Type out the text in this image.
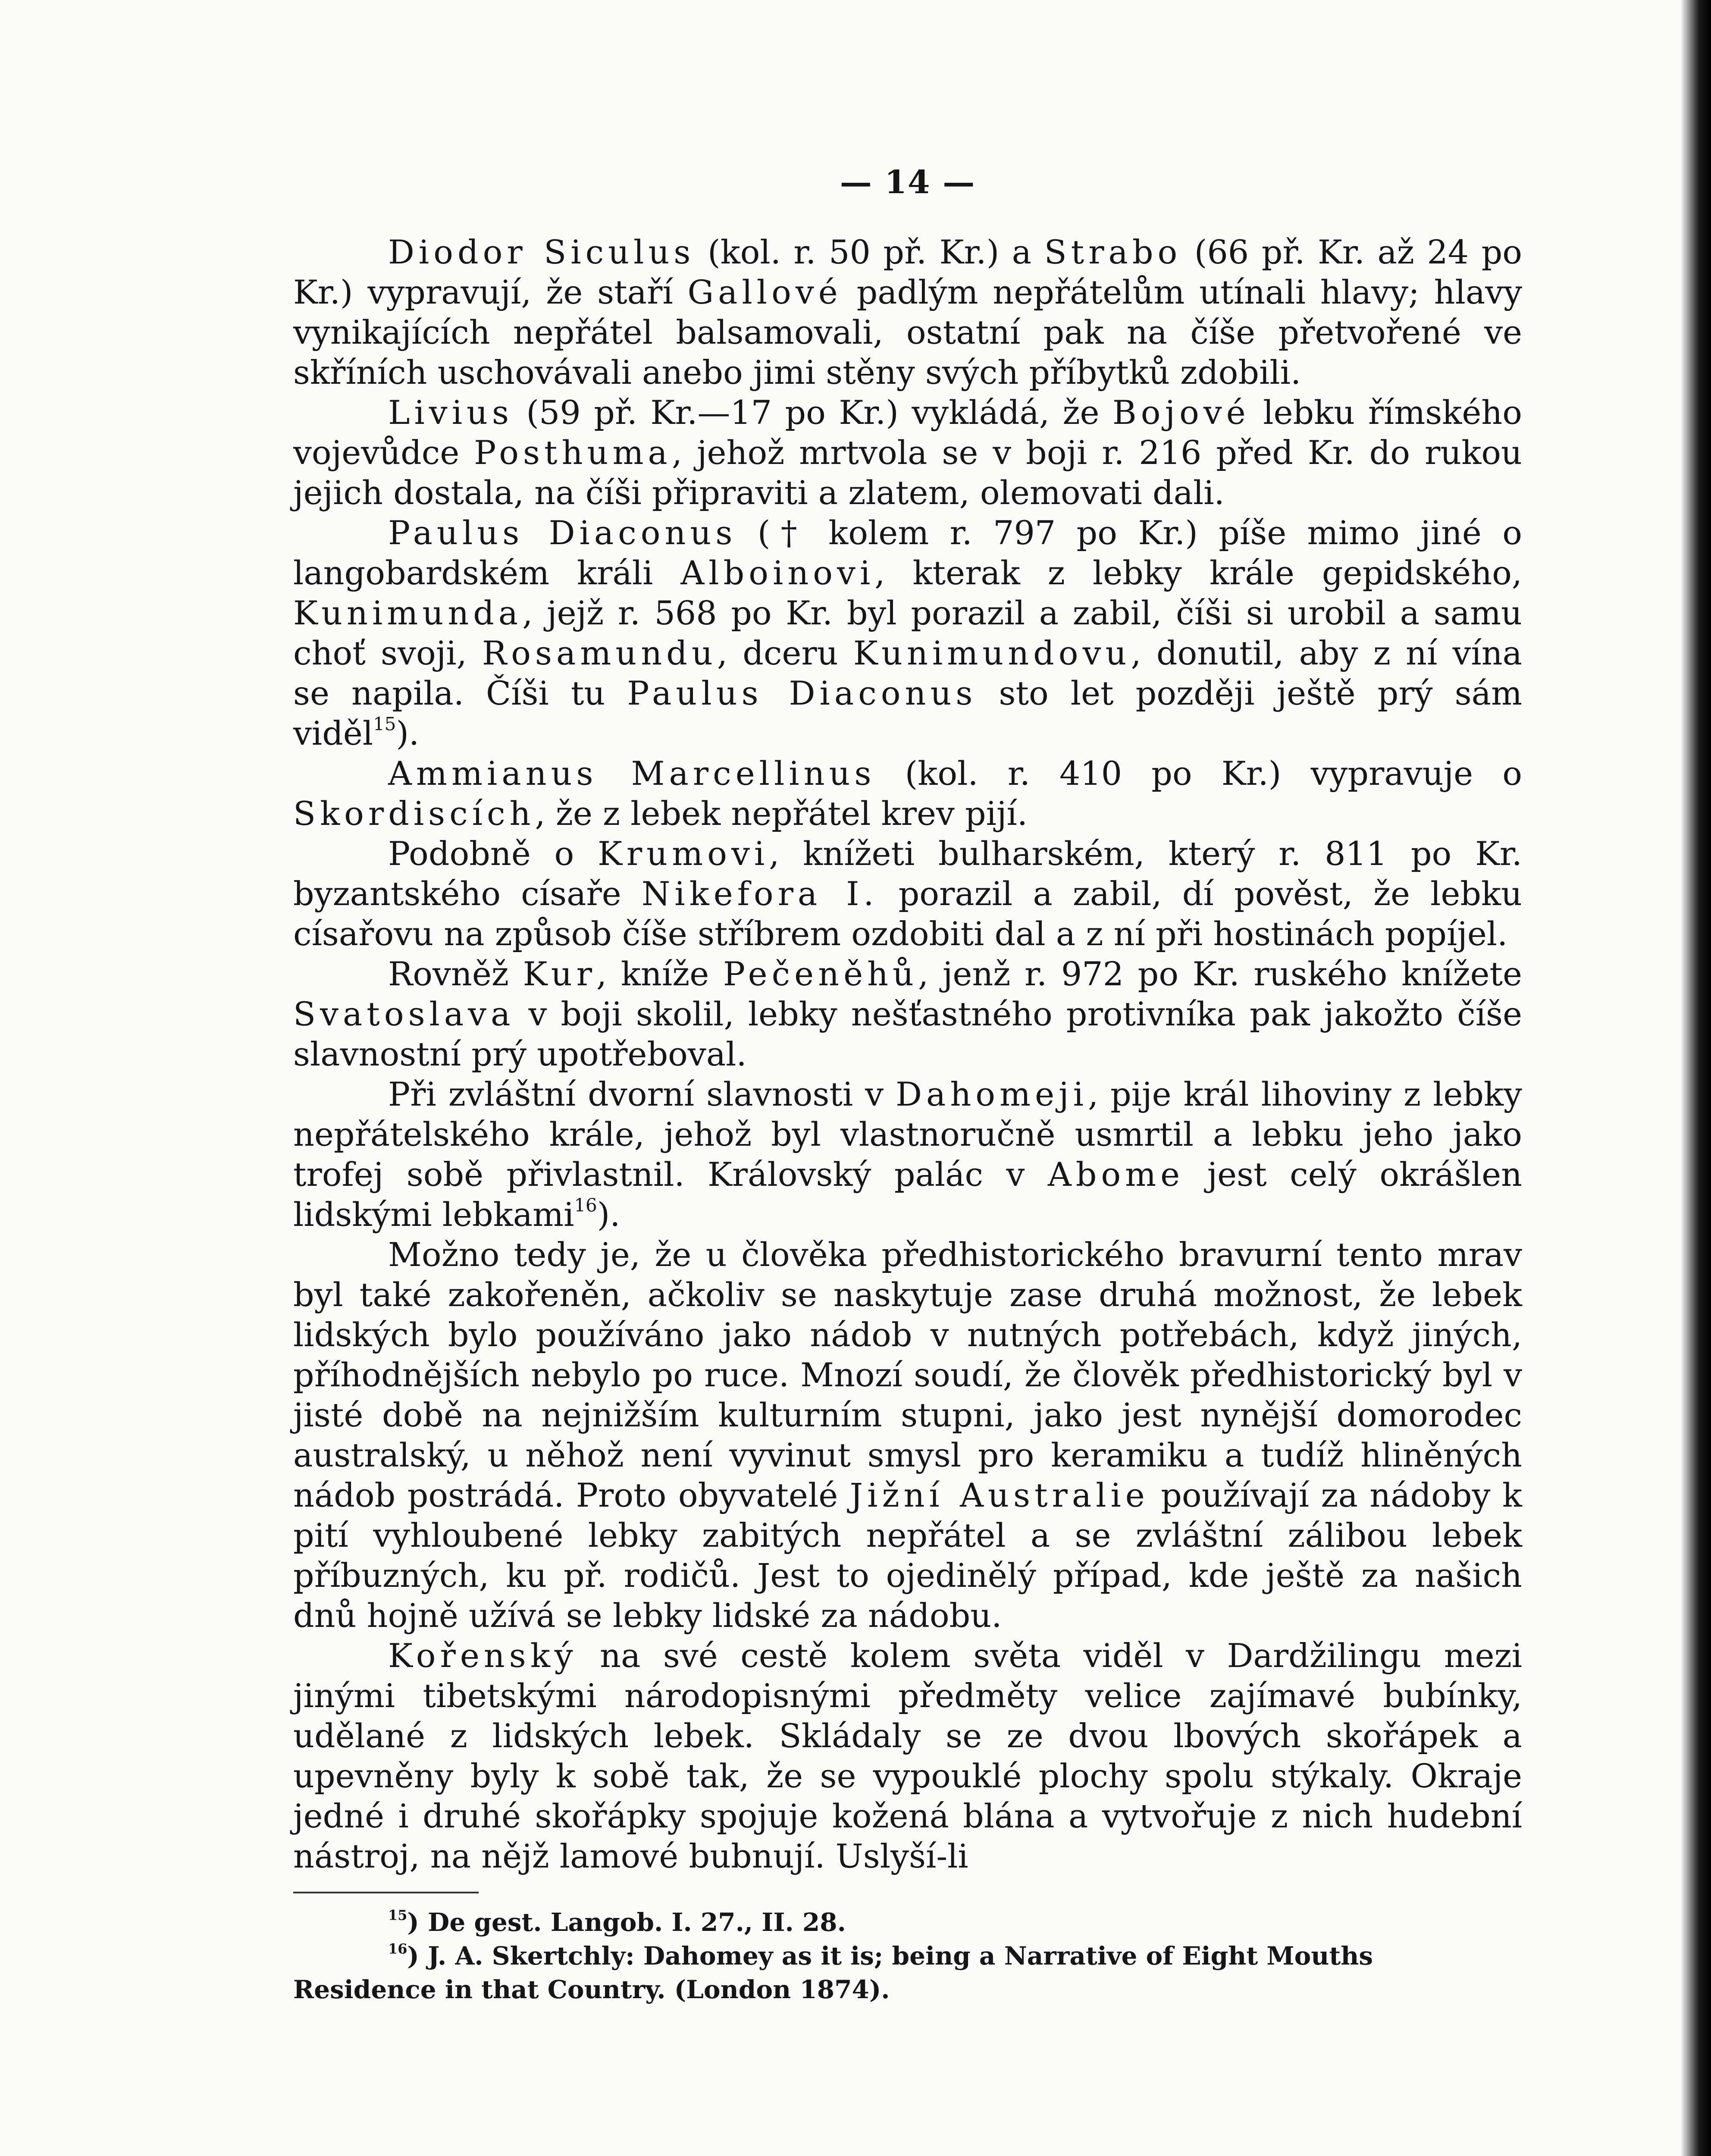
— 14 —

Diodor Siculus (kol. r. 50 př. Kr.) a Strabo (66 př. Kr. až 24 po Kr.) vypravují, že staří Gallové padlým nepřátelům utínali hlavy; hlavy vynikajících nepřátel balsamovali, ostatní pak na číše přetvořené ve skříních uschovávali anebo jimi stěny svých příbytků zdobili.

Livius (59 př. Kr.—17 po Kr.) vykládá, že Bojové lebku římského vojevůdce Posthuma, jehož mrtvola se v boji r. 216 před Kr. do rukou jejich dostala, na číši připraviti a zlatem, olemovati dali.

Paulus Diaconus († kolem r. 797 po Kr.) píše mimo jiné o langobardském králi Alboinovi, kterak z lebky krále gepidského, Kunimunda, jejž r. 568 po Kr. byl porazil a zabil, číši si urobil a samu choť svoji, Rosamundu, dceru Kunimundovu, donutil, aby z ní vína se napila. Číši tu Paulus Diaconus sto let později ještě prý sám viděl$^{15}$).

Ammianus Marcellinus (kol. r. 410 po Kr.) vypravuje o Skordiscích, že z lebek nepřátel krev pijí.

Podobně o Krumovi, knížeti bulharském, který r. 811 po Kr. byzantského císaře Nikefora I. porazil a zabil, dí pověst, že lebku císařovu na způsob číše stříbrem ozdobiti dal a z ní při hostinách popíjel.

Rovněž Kur, kníže Pečeněhů, jenž r. 972 po Kr. ruského knížete Svatoslava v boji skolil, lebky nešťastného protivníka pak jakožto číše slavnostní prý upotřeboval.

Při zvláštní dvorní slavnosti v Dahomeji, pije král lihoviny z lebky nepřátelského krále, jehož byl vlastnoručně usmrtil a lebku jeho jako trofej sobě přivlastnil. Královský palác v Abome jest celý okrášlen lidskými lebkami$^{16}$).

Možno tedy je, že u člověka předhistorického bravurní tento mrav byl také zakořeněn, ačkoliv se naskytuje zase druhá možnost, že lebek lidských bylo používáno jako nádob v nutných potřebách, když jiných, příhodnějších nebylo po ruce. Mnozí soudí, že člověk předhistorický byl v jisté době na nejnižším kulturním stupni, jako jest nynější domorodec australský, u něhož není vyvinut smysl pro keramiku a tudíž hliněných nádob postrádá. Proto obyvatelé Jižní Australie používají za nádoby k pití vyhloubené lebky zabitých nepřátel a se zvláštní zálibou lebek příbuzných, ku př. rodičů. Jest to ojedinělý případ, kde ještě za našich dnů hojně užívá se lebky lidské za nádobu.

Kořenský na své cestě kolem světa viděl v Dardžilingu mezi jinými tibetskými národopisnými předměty velice zajímavé bubínky, udělané z lidských lebek. Skládaly se ze dvou lbových skořápek a upevněny byly k sobě tak, že se vypouklé plochy spolu stýkaly. Okraje jedné i druhé skořápky spojuje kožená blána a vytvořuje z nich hudební nástroj, na nějž lamové bubnují. Uslyší-li

$^{15}$) De gest. Langob. I. 27., II. 28.

$^{16}$) J. A. Skertchly: Dahomey as it is; being a Narrative of Eight Mouths Residence in that Country. (London 1874).
